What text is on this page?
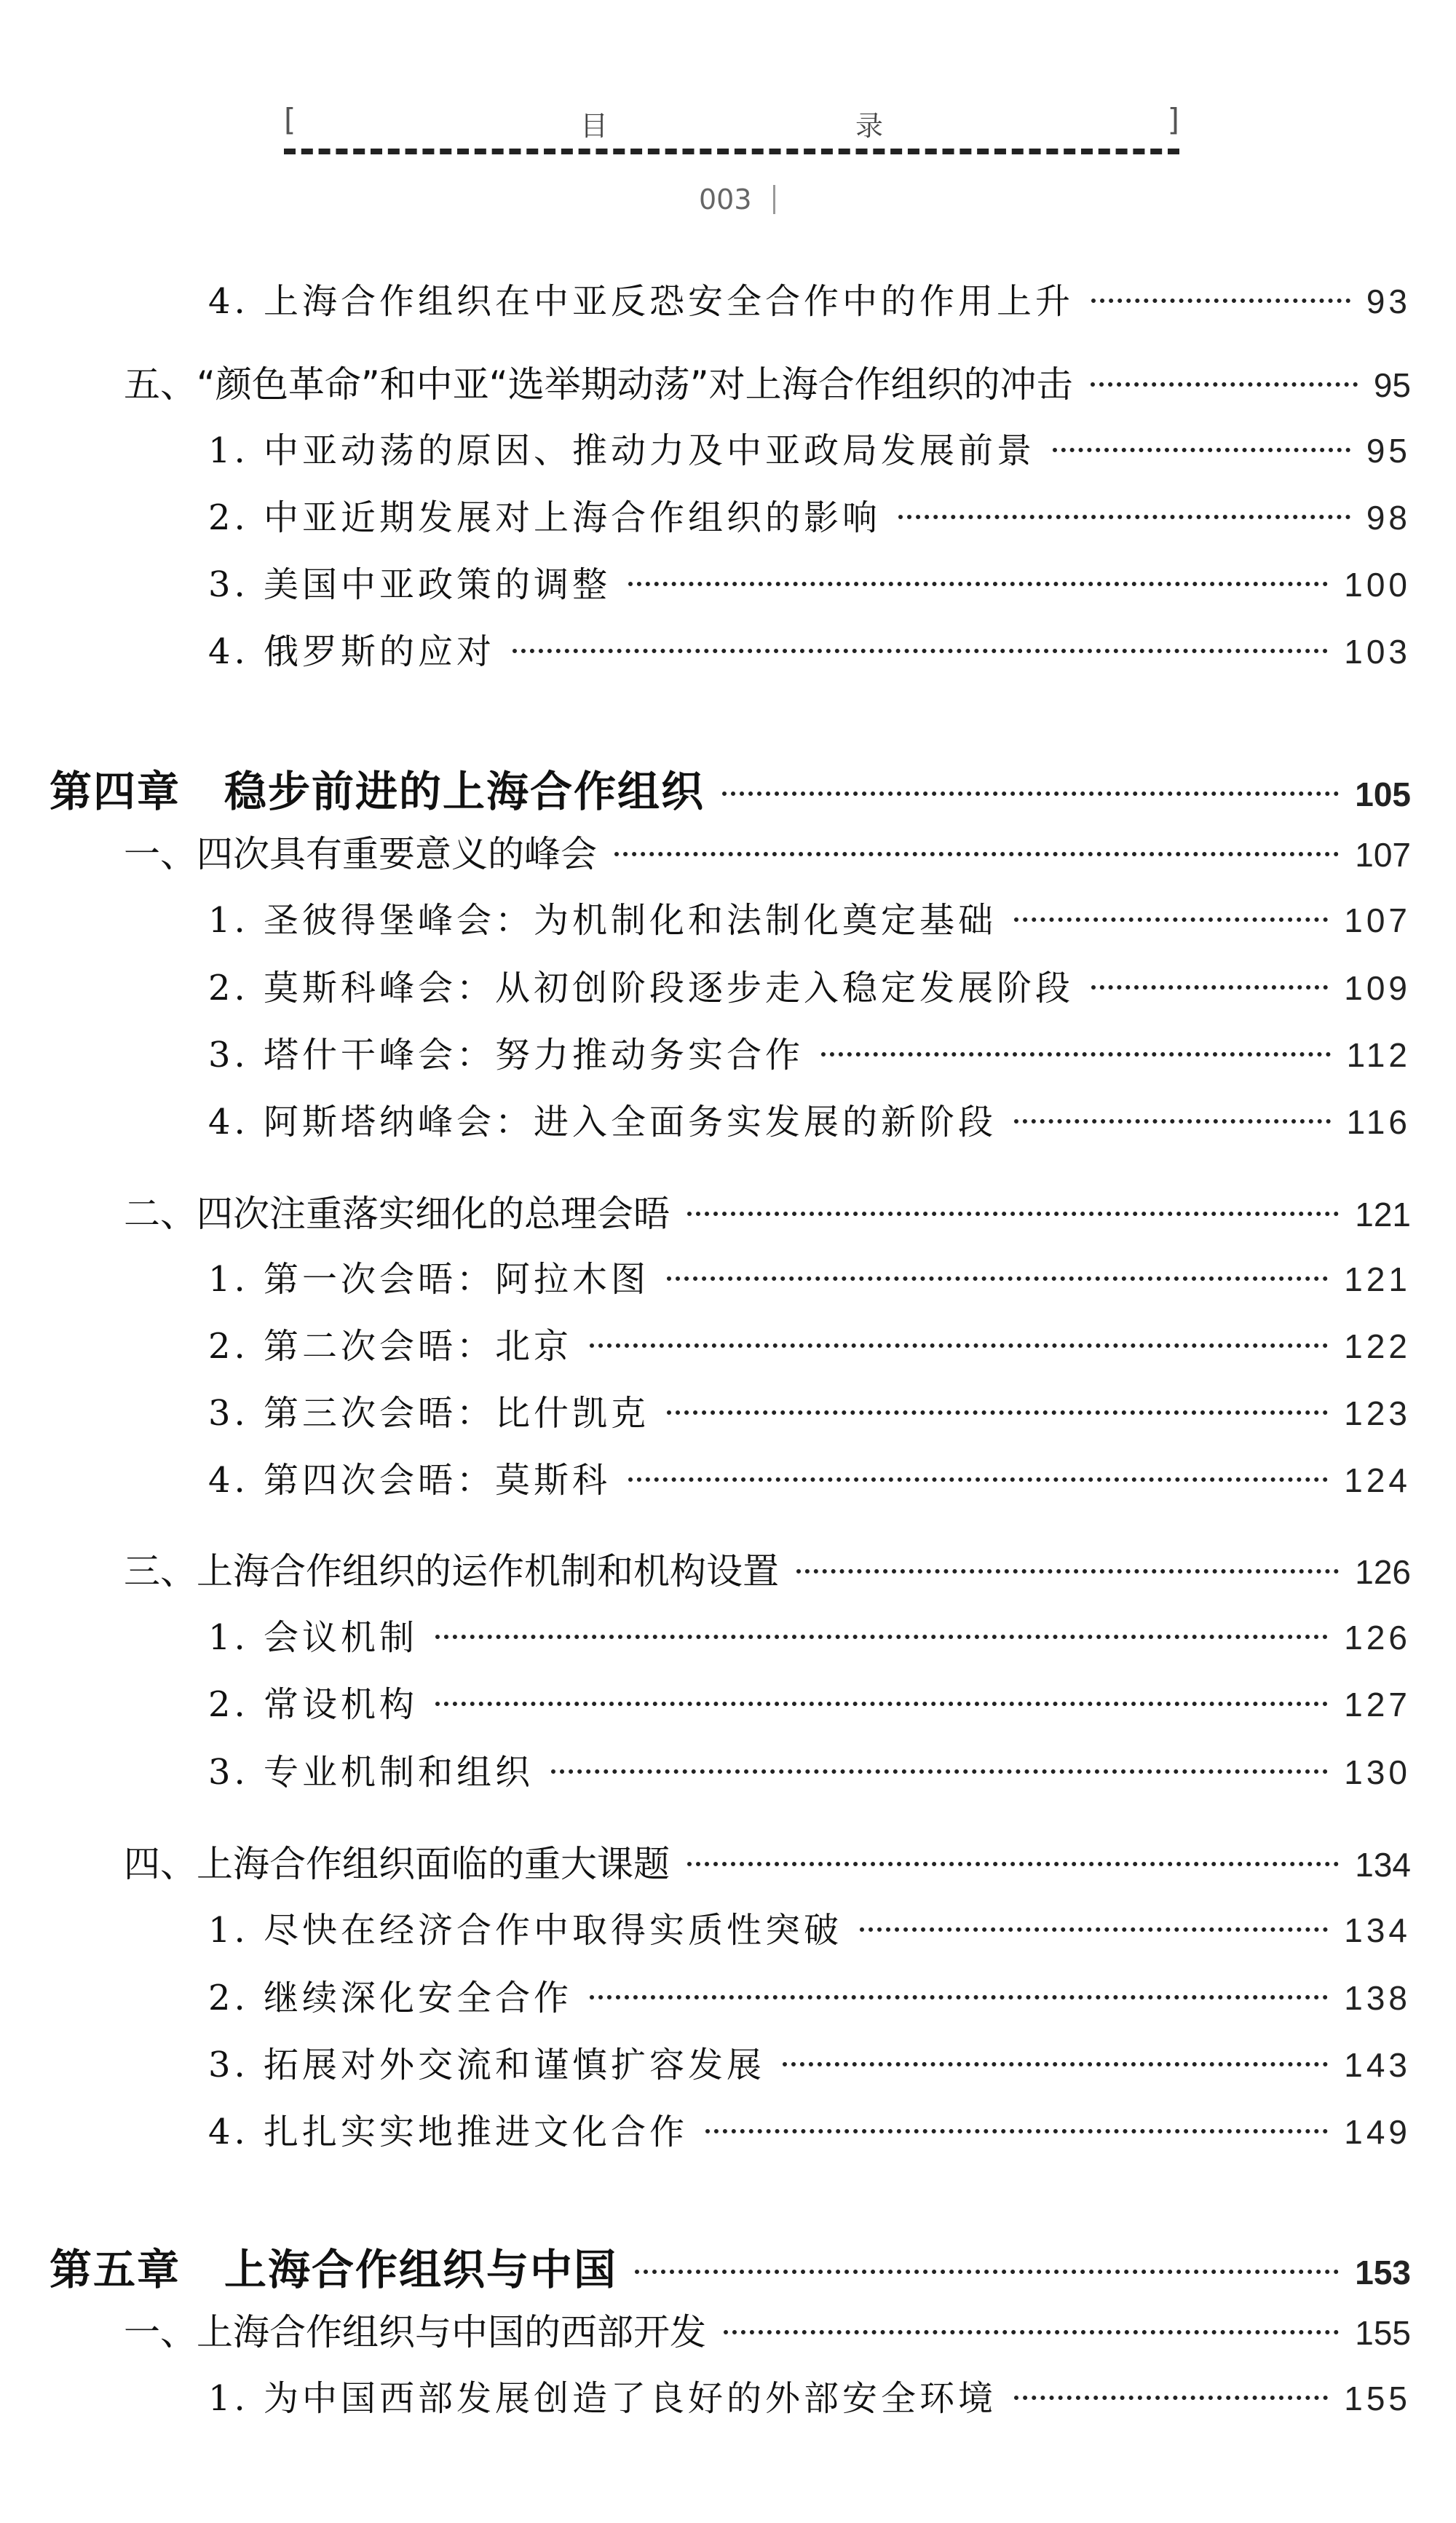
[	目录	]
003
4. 上海合作组织在中亚反恐安全合作中的作用上升	93
五、“颜色革命”和中亚“选举期动荡”对上海合作组织的冲击	95
1. 中亚动荡的原因、推动力及中亚政局发展前景	95
2. 中亚近期发展对上海合作组织的影响	98
3. 美国中亚政策的调整	100
4. 俄罗斯的应对	103
第四章　稳步前进的上海合作组织	105
一、四次具有重要意义的峰会	107
1. 圣彼得堡峰会：为机制化和法制化奠定基础	107
2. 莫斯科峰会：从初创阶段逐步走入稳定发展阶段	109
3. 塔什干峰会：努力推动务实合作	112
4. 阿斯塔纳峰会：进入全面务实发展的新阶段	116
二、四次注重落实细化的总理会晤	121
1. 第一次会晤：阿拉木图	121
2. 第二次会晤：北京	122
3. 第三次会晤：比什凯克	123
4. 第四次会晤：莫斯科	124
三、上海合作组织的运作机制和机构设置	126
1. 会议机制	126
2. 常设机构	127
3. 专业机制和组织	130
四、上海合作组织面临的重大课题	134
1. 尽快在经济合作中取得实质性突破	134
2. 继续深化安全合作	138
3. 拓展对外交流和谨慎扩容发展	143
4. 扎扎实实地推进文化合作	149
第五章　上海合作组织与中国	153
一、上海合作组织与中国的西部开发	155
1. 为中国西部发展创造了良好的外部安全环境	155
